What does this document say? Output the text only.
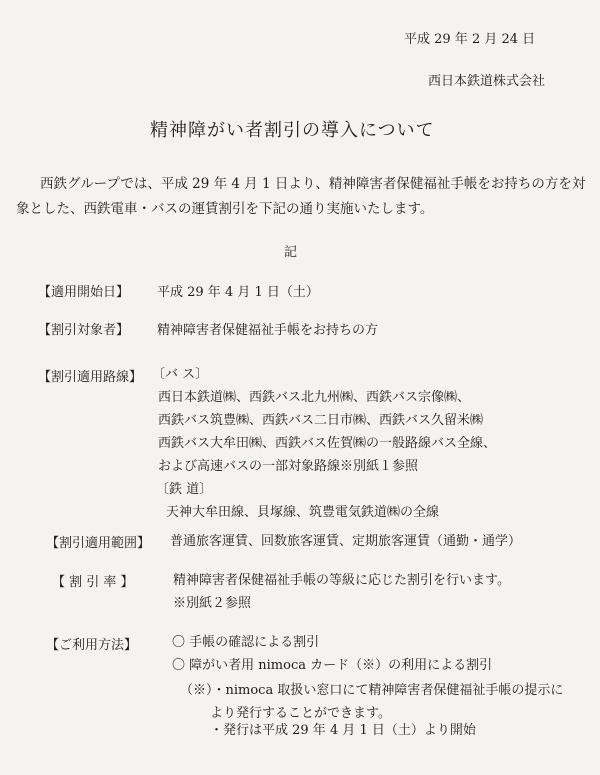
平成 29 年 2 月 24 日
西日本鉄道株式会社
精神障がい者割引の導入について
西鉄グループでは、平成 29 年 4 月 1 日より、精神障害者保健福祉手帳をお持ちの方を対
象とした、西鉄電車・バスの運賃割引を下記の通り実施いたします。
記
【適用開始日】 平成 29 年 4 月 1 日（土）
【割引対象者】 精神障害者保健福祉手帳をお持ちの方
【割引適用路線】 〔バ ス〕
西日本鉄道㈱、西鉄バス北九州㈱、西鉄バス宗像㈱、
西鉄バス筑豊㈱、西鉄バス二日市㈱、西鉄バス久留米㈱
西鉄バス大牟田㈱、西鉄バス佐賀㈱の一般路線バス全線、
および高速バスの一部対象路線※別紙１参照
〔鉄 道〕
天神大牟田線、貝塚線、筑豊電気鉄道㈱の全線
【割引適用範囲】 普通旅客運賃、回数旅客運賃、定期旅客運賃（通勤・通学）
【 割 引 率 】	精神障害者保健福祉手帳の等級に応じた割引を行います。
※別紙２参照
【ご利用方法】	〇 手帳の確認による割引
〇 障がい者用 nimoca カード（※）の利用による割引
（※）・nimoca 取扱い窓口にて精神障害者保健福祉手帳の提示に
より発行することができます。
・発行は平成 29 年 4 月 1 日（土）より開始
